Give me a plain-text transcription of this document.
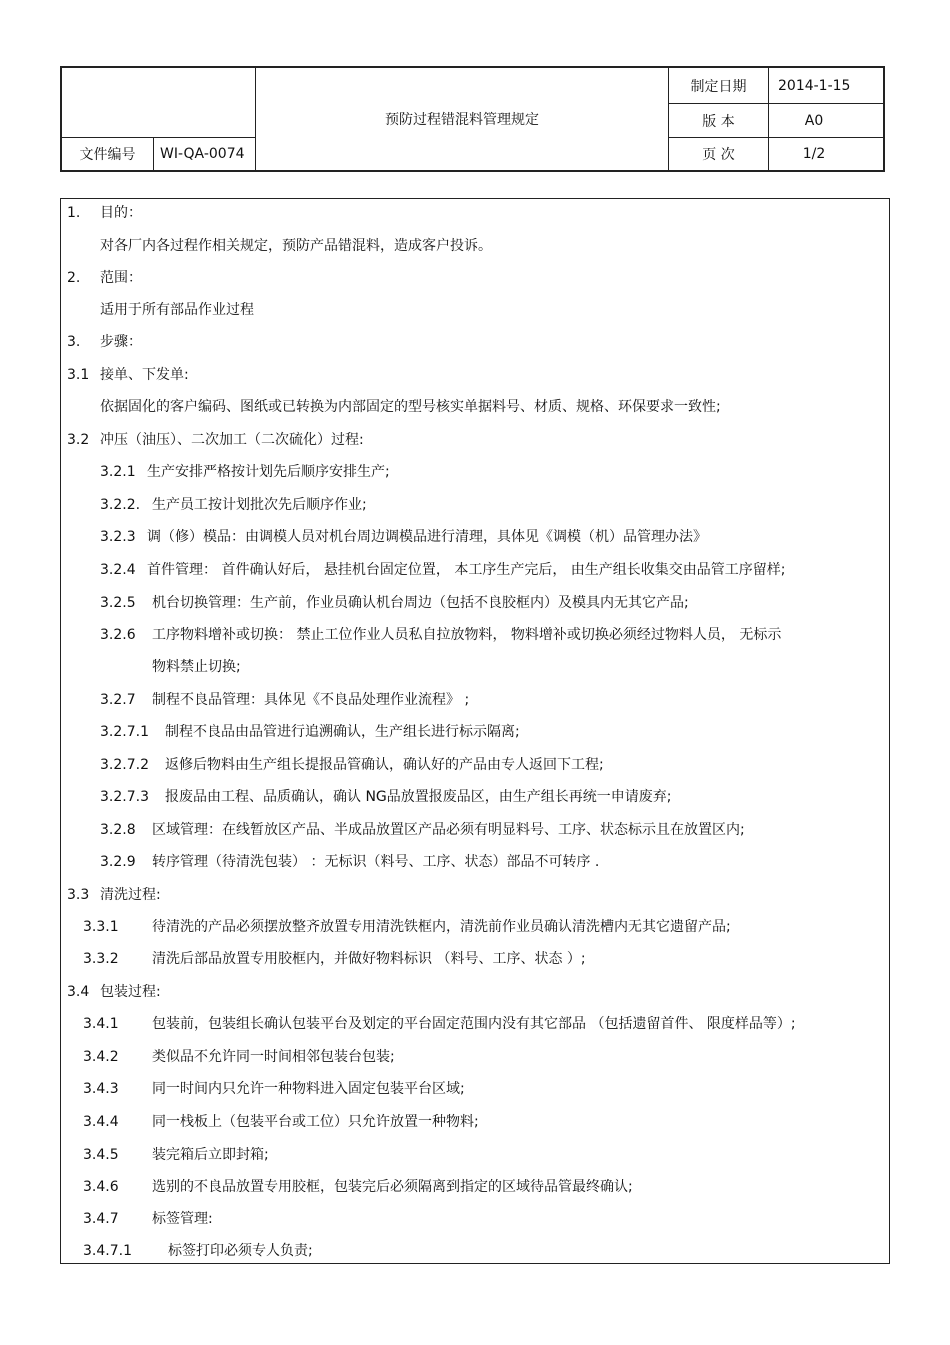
预防过程错混料管理规定
文件编号	WI-QA-0074
制定日期	2014-1-15
版 本	A0
页 次	1/2
1. 目的：
对各厂内各过程作相关规定，预防产品错混料，造成客户投诉。
2. 范围：
适用于所有部品作业过程
3. 步骤：
3.1 接单、下发单:
依据固化的客户编码、图纸或已转换为内部固定的型号核实单据料号、材质、规格、环保要求一致性;
3.2 冲压（油压）、二次加工（二次硫化）过程:
3.2.1 生产安排严格按计划先后顺序安排生产;
3.2.2. 生产员工按计划批次先后顺序作业;
3.2.3 调（修）模品：由调模人员对机台周边调模品进行清理，具体见《调模（机）品管理办法》
3.2.4 首件管理： 首件确认好后， 悬挂机台固定位置， 本工序生产完后， 由生产组长收集交由品管工序留样;
3.2.5 机台切换管理：生产前，作业员确认机台周边（包括不良胶框内）及模具内无其它产品;
3.2.6 工序物料增补或切换： 禁止工位作业人员私自拉放物料， 物料增补或切换必须经过物料人员， 无标示
物料禁止切换;
3.2.7 制程不良品管理：具体见《不良品处理作业流程》 ;
3.2.7.1 制程不良品由品管进行追溯确认，生产组长进行标示隔离;
3.2.7.2 返修后物料由生产组长提报品管确认，确认好的产品由专人返回下工程;
3.2.7.3 报废品由工程、品质确认，确认 NG品放置报废品区，由生产组长再统一申请废弃;
3.2.8 区域管理：在线暂放区产品、半成品放置区产品必须有明显料号、工序、状态标示且在放置区内;
3.2.9 转序管理（待清洗包装） ：无标识（料号、工序、状态）部品不可转序 .
3.3 清洗过程:
3.3.1 待清洗的产品必须摆放整齐放置专用清洗铁框内，清洗前作业员确认清洗槽内无其它遗留产品;
3.3.2 清洗后部品放置专用胶框内，并做好物料标识 （料号、工序、状态 ）;
3.4 包装过程:
3.4.1 包装前，包装组长确认包装平台及划定的平台固定范围内没有其它部品 （包括遗留首件、 限度样品等）;
3.4.2 类似品不允许同一时间相邻包装台包装;
3.4.3 同一时间内只允许一种物料进入固定包装平台区域;
3.4.4 同一栈板上（包装平台或工位）只允许放置一种物料;
3.4.5 装完箱后立即封箱;
3.4.6 选别的不良品放置专用胶框，包装完后必须隔离到指定的区域待品管最终确认;
3.4.7 标签管理:
3.4.7.1	标签打印必须专人负责;
